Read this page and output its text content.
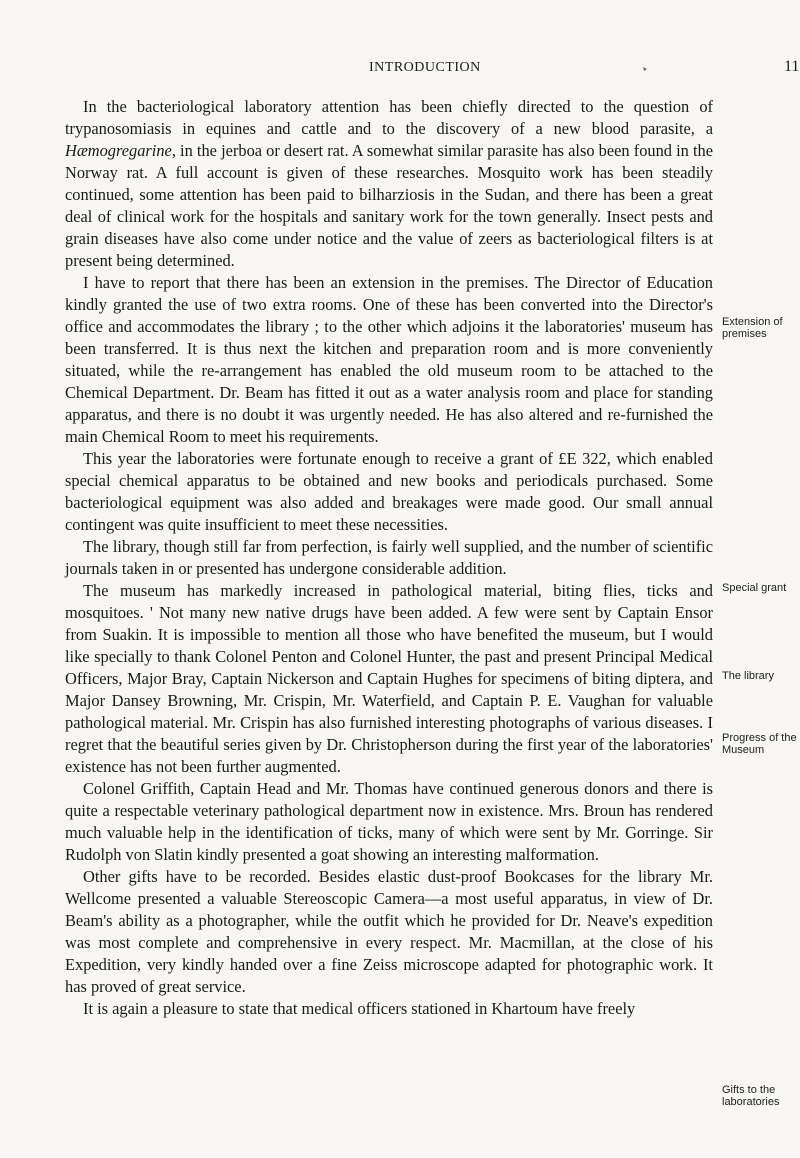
INTRODUCTION	11

In the bacteriological laboratory attention has been chiefly directed to the question of trypanosomiasis in equines and cattle and to the discovery of a new blood parasite, a Hæmogregarine, in the jerboa or desert rat. A somewhat similar parasite has also been found in the Norway rat. A full account is given of these researches. Mosquito work has been steadily continued, some attention has been paid to bilharziosis in the Sudan, and there has been a great deal of clinical work for the hospitals and sanitary work for the town generally. Insect pests and grain diseases have also come under notice and the value of zeers as bacteriological filters is at present being determined.

I have to report that there has been an extension in the premises. The Director of Education kindly granted the use of two extra rooms. One of these has been converted into the Director's office and accommodates the library ; to the other which adjoins it the laboratories' museum has been transferred. It is thus next the kitchen and preparation room and is more conveniently situated, while the re-arrangement has enabled the old museum room to be attached to the Chemical Department. Dr. Beam has fitted it out as a water analysis room and place for standing apparatus, and there is no doubt it was urgently needed. He has also altered and re-furnished the main Chemical Room to meet his requirements.

This year the laboratories were fortunate enough to receive a grant of £E 322, which enabled special chemical apparatus to be obtained and new books and periodicals purchased. Some bacteriological equipment was also added and breakages were made good. Our small annual contingent was quite insufficient to meet these necessities.

The library, though still far from perfection, is fairly well supplied, and the number of scientific journals taken in or presented has undergone considerable addition.

The museum has markedly increased in pathological material, biting flies, ticks and mosquitoes. ' Not many new native drugs have been added. A few were sent by Captain Ensor from Suakin. It is impossible to mention all those who have benefited the museum, but I would like specially to thank Colonel Penton and Colonel Hunter, the past and present Principal Medical Officers, Major Bray, Captain Nickerson and Captain Hughes for specimens of biting diptera, and Major Dansey Browning, Mr. Crispin, Mr. Waterfield, and Captain P. E. Vaughan for valuable pathological material. Mr. Crispin has also furnished interesting photographs of various diseases. I regret that the beautiful series given by Dr. Christopherson during the first year of the laboratories' existence has not been further augmented.

Colonel Griffith, Captain Head and Mr. Thomas have continued generous donors and there is quite a respectable veterinary pathological department now in existence. Mrs. Broun has rendered much valuable help in the identification of ticks, many of which were sent by Mr. Gorringe. Sir Rudolph von Slatin kindly presented a goat showing an interesting malformation.

Other gifts have to be recorded. Besides elastic dust-proof Bookcases for the library Mr. Wellcome presented a valuable Stereoscopic Camera—a most useful apparatus, in view of Dr. Beam's ability as a photographer, while the outfit which he provided for Dr. Neave's expedition was most complete and comprehensive in every respect. Mr. Macmillan, at the close of his Expedition, very kindly handed over a fine Zeiss microscope adapted for photographic work. It has proved of great service.

It is again a pleasure to state that medical officers stationed in Khartoum have freely

Extension of premises
Special grant
The library
Progress of the Museum
Gifts to the laboratories
